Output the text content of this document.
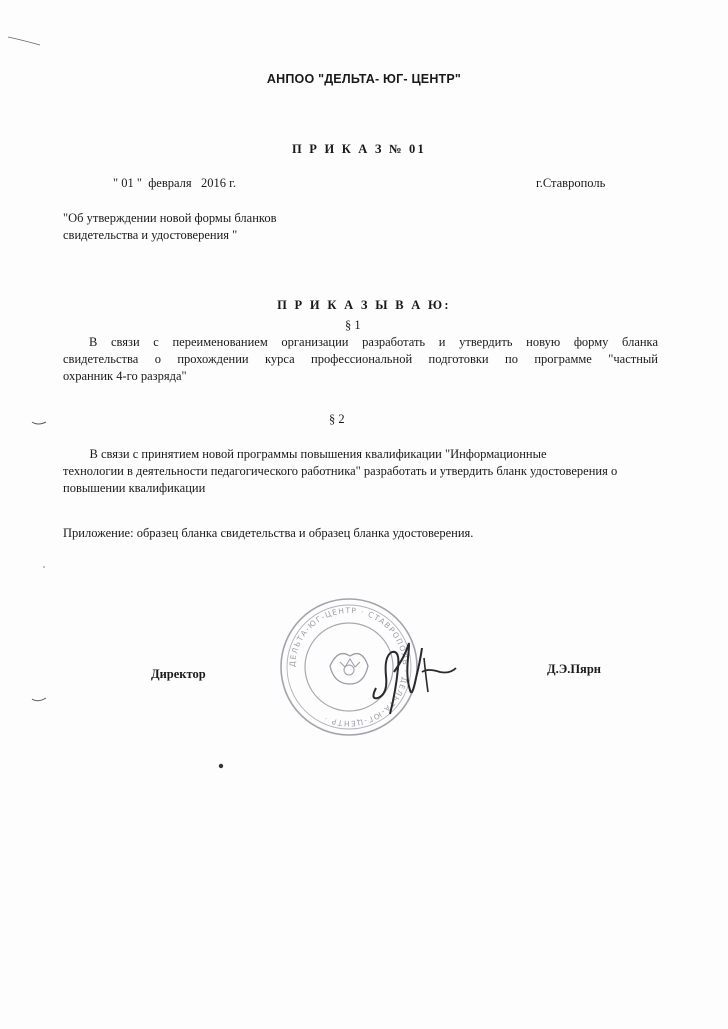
АНПОО "ДЕЛЬТА- ЮГ- ЦЕНТР"
П Р И К А З № 01
" 01 "  февраля   2016 г.	г.Ставрополь
"Об утверждении новой формы бланков
свидетельства и удостоверения "
П Р И К А З Ы В А Ю:
§ 1
В связи с переименованием организации разработать и утвердить новую форму бланка
свидетельства о прохождении курса профессиональной подготовки по программе "частный
охранник 4-го разряда"
§ 2
В связи с принятием новой программы повышения квалификации "Информационные
технологии в деятельности педагогического работника" разработать и утвердить бланк удостоверения о
повышении квалификации
Приложение: образец бланка свидетельства и образец бланка удостоверения.
ДЕЛЬТА-ЮГ-ЦЕНТР · СТАВРОПОЛЬ · ДЕЛЬТА-ЮГ-ЦЕНТР ·
Директор	Д.Э.Пярн
